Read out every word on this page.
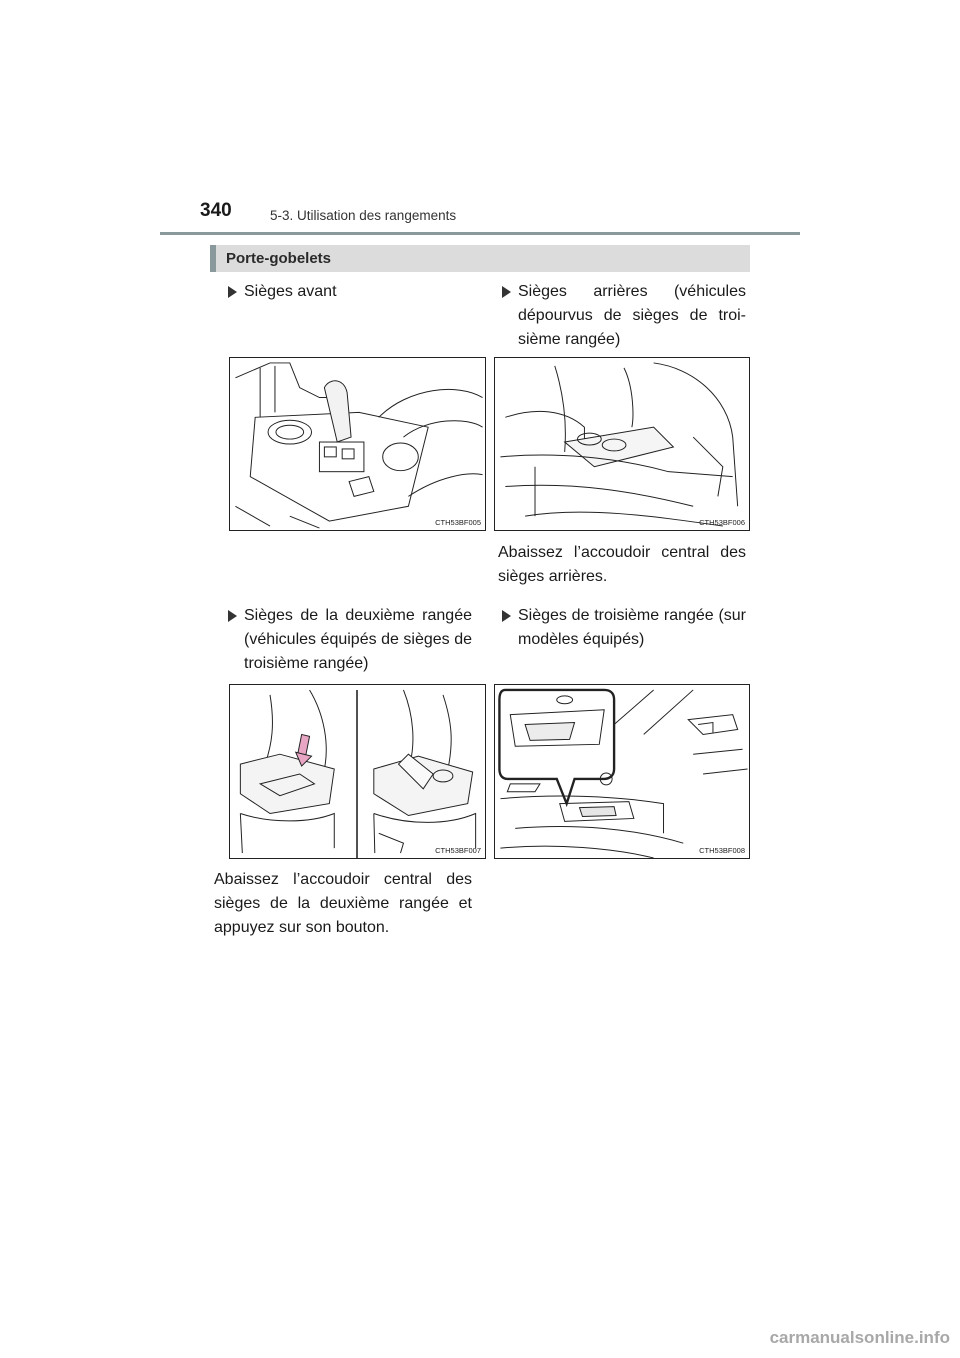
340	5-3. Utilisation des rangements
Porte-gobelets
Sièges avant	Sièges arrières (véhicules dépourvus de sièges de troi-sième rangée)
CTH53BF005	CTH53BF006
Abaissez l’accoudoir central des sièges arrières.
Sièges de la deuxième rangée (véhicules équipés de sièges de troisième rangée)
Sièges de troisième rangée (sur modèles équipés)
CTH53BF007	CTH53BF008
Abaissez l’accoudoir central des sièges de la deuxième rangée et appuyez sur son bouton.
carmanualsonline.info
